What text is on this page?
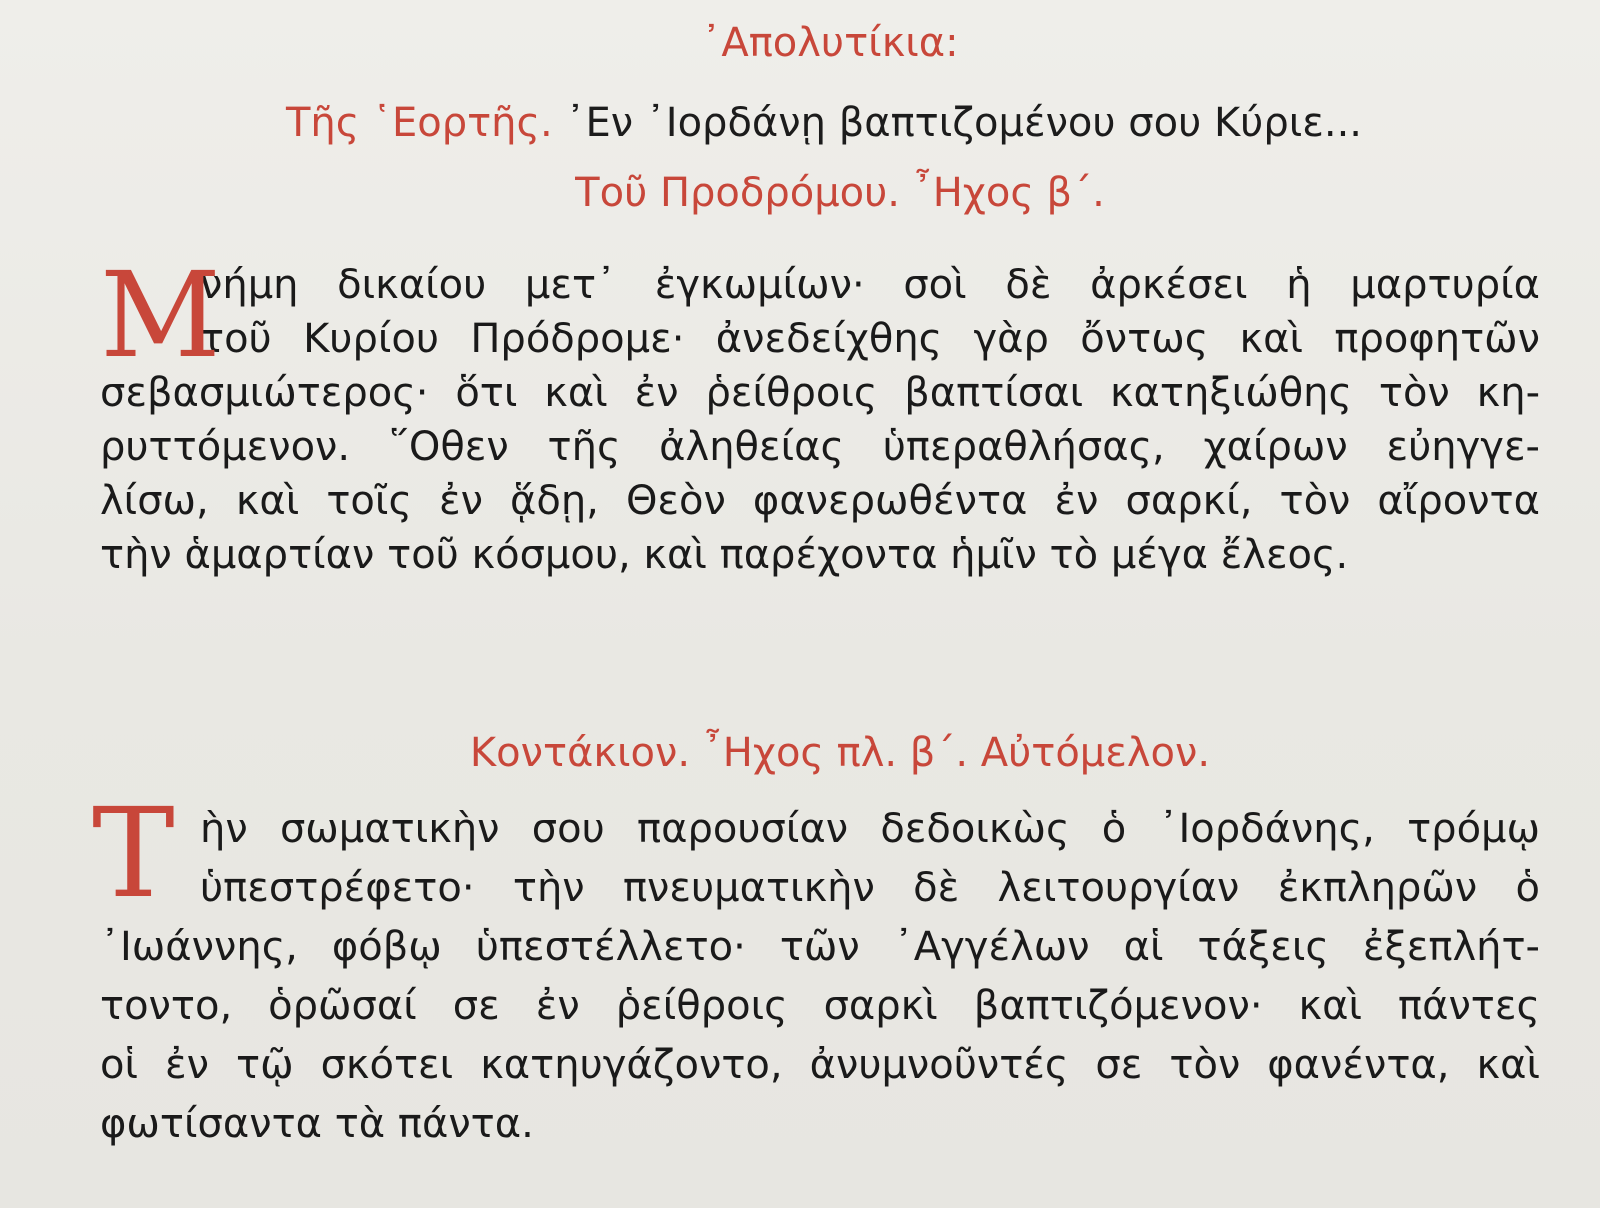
᾿Απολυτίκια:
Τῆς ῾Εορτῆς. ᾿Εν ᾿Ιορδάνῃ βαπτιζομένου σου Κύριε...
Τοῦ Προδρόμου. ῏Ηχος β΄.
Μ
νήμη δικαίου μετ᾿ ἐγκωμίων· σοὶ δὲ ἀρκέσει ἡ μαρτυρία
τοῦ Κυρίου Πρόδρομε· ἀνεδείχθης γὰρ ὄντως καὶ προφητῶν
σεβασμιώτερος· ὅτι καὶ ἐν ῥείθροις βαπτίσαι κατηξιώθης τὸν κη-
ρυττόμενον. ῞Οθεν τῆς ἀληθείας ὑπεραθλήσας, χαίρων εὐηγγε-
λίσω, καὶ τοῖς ἐν ᾅδῃ, Θεὸν φανερωθέντα ἐν σαρκί, τὸν αἴροντα
τὴν ἁμαρτίαν τοῦ κόσμου, καὶ παρέχοντα ἡμῖν τὸ μέγα ἔλεος.
Κοντάκιον. ῏Ηχος πλ. β΄. Αὐτόμελον.
Τ ὴν σωματικὴν σου παρουσίαν δεδοικὼς ὁ ᾿Ιορδάνης, τρόμῳ
ὑπεστρέφετο· τὴν πνευματικὴν δὲ λειτουργίαν ἐκπληρῶν ὁ
᾿Ιωάννης, φόβῳ ὑπεστέλλετο· τῶν ᾿Αγγέλων αἱ τάξεις ἐξεπλήτ-
τοντο, ὁρῶσαί σε ἐν ῥείθροις σαρκὶ βαπτιζόμενον· καὶ πάντες
οἱ ἐν τῷ σκότει κατηυγάζοντο, ἀνυμνοῦντές σε τὸν φανέντα, καὶ
φωτίσαντα τὰ πάντα.
